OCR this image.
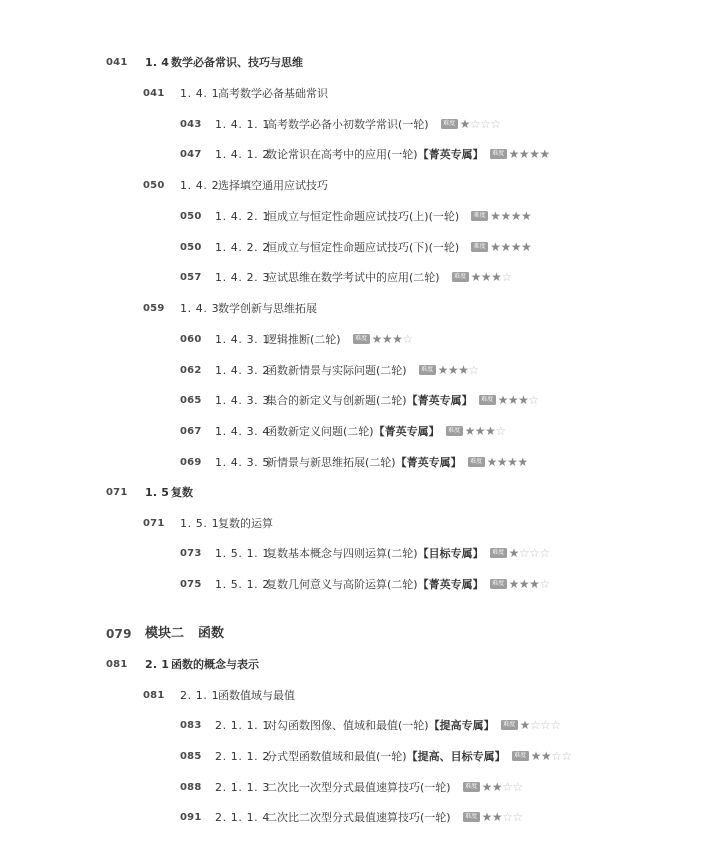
041 1. 4 数学必备常识、技巧与思维
041 1. 4. 1
高考数学必备基础常识
043 1. 4. 1. 1
高考数学必备小初数学常识(一轮) 难度 ★☆☆☆
047 1. 4. 1. 2
数论常识在高考中的应用(一轮)【菁英专属】 难度 ★★★★
050 1. 4. 2
选择填空通用应试技巧
050 1. 4. 2. 1
恒成立与恒定性命题应试技巧(上)(一轮) 难度 ★★★★
050 1. 4. 2. 2
恒成立与恒定性命题应试技巧(下)(一轮) 难度 ★★★★
057 1. 4. 2. 3
应试思维在数学考试中的应用(二轮) 难度 ★★★☆
059 1. 4. 3
数学创新与思维拓展
060 1. 4. 3. 1
逻辑推断(二轮) 难度 ★★★☆
062 1. 4. 3. 2
函数新情景与实际问题(二轮) 难度 ★★★☆
065 1. 4. 3. 3
集合的新定义与创新题(二轮)【菁英专属】 难度 ★★★☆
067 1. 4. 3. 4
函数新定义问题(二轮)【菁英专属】 难度 ★★★☆
069 1. 4. 3. 5
新情景与新思维拓展(二轮)【菁英专属】 难度 ★★★★
071 1. 5 复数
071 1. 5. 1
复数的运算
073 1. 5. 1. 1
复数基本概念与四则运算(二轮)【目标专属】 难度 ★☆☆☆
075 1. 5. 1. 2
复数几何意义与高阶运算(二轮)【菁英专属】 难度 ★★★☆
079 模块二 函数
081 2. 1 函数的概念与表示
081 2. 1. 1
函数值域与最值
083 2. 1. 1. 1
对勾函数图像、值域和最值(一轮)【提高专属】 难度 ★☆☆☆
085 2. 1. 1. 2
分式型函数值域和最值(一轮)【提高、目标专属】 难度 ★★☆☆
088 2. 1. 1. 3
二次比一次型分式最值速算技巧(一轮) 难度 ★★☆☆
091 2. 1. 1. 4
二次比二次型分式最值速算技巧(一轮) 难度 ★★☆☆
